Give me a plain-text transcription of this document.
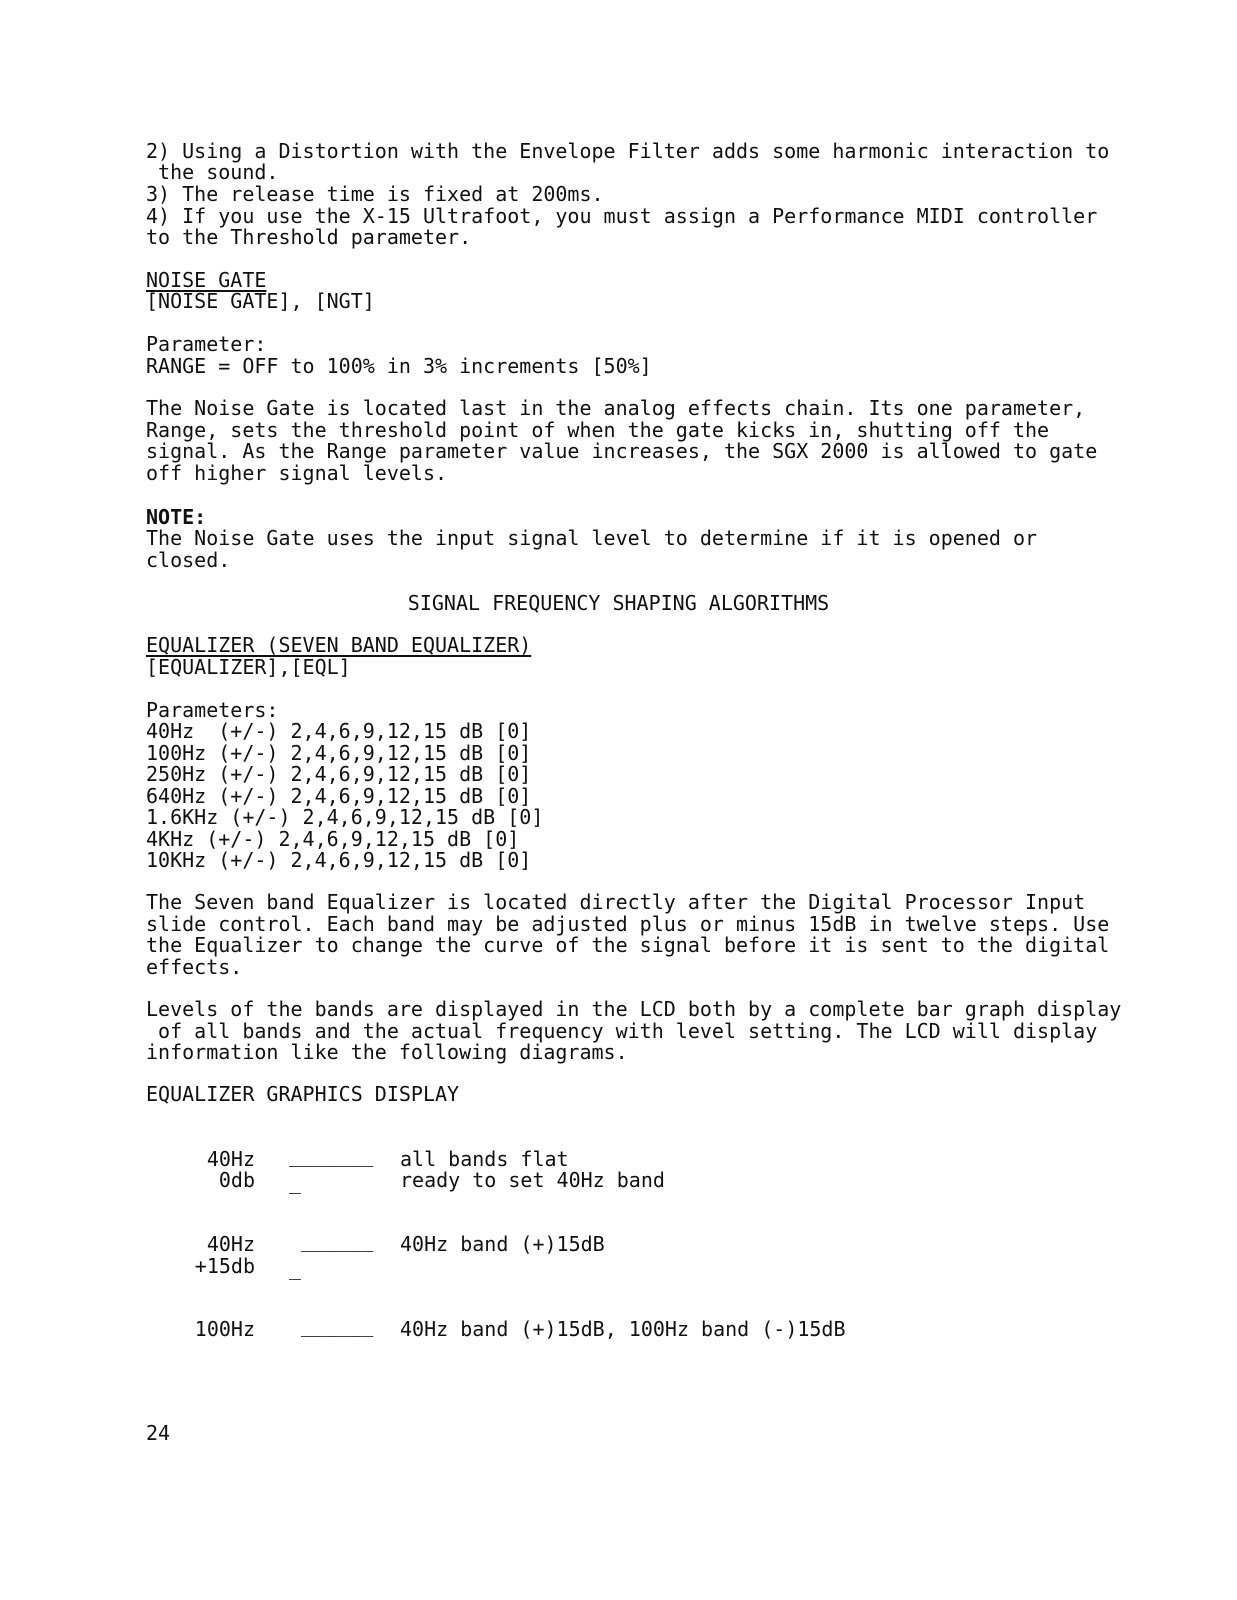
2) Using a Distortion with the Envelope Filter adds some harmonic interaction to
the sound.
3) The release time is fixed at 200ms.
4) If you use the X-15 Ultrafoot, you must assign a Performance MIDI controller
to the Threshold parameter.
NOISE GATE
[NOISE GATE], [NGT]
Parameter:
RANGE = OFF to 100% in 3% increments [50%]
The Noise Gate is located last in the analog effects chain. Its one parameter,
Range, sets the threshold point of when the gate kicks in, shutting off the
signal. As the Range parameter value increases, the SGX 2000 is allowed to gate
off higher signal levels.
NOTE:
The Noise Gate uses the input signal level to determine if it is opened or
closed.
SIGNAL FREQUENCY SHAPING ALGORITHMS
EQUALIZER (SEVEN BAND EQUALIZER)
[EQUALIZER],[EQL]
Parameters:
40Hz  (+/-) 2,4,6,9,12,15 dB [0]
100Hz (+/-) 2,4,6,9,12,15 dB [0]
250Hz (+/-) 2,4,6,9,12,15 dB [0]
640Hz (+/-) 2,4,6,9,12,15 dB [0]
1.6KHz (+/-) 2,4,6,9,12,15 dB [0]
4KHz (+/-) 2,4,6,9,12,15 dB [0]
10KHz (+/-) 2,4,6,9,12,15 dB [0]
The Seven band Equalizer is located directly after the Digital Processor Input
slide control. Each band may be adjusted plus or minus 15dB in twelve steps. Use
the Equalizer to change the curve of the signal before it is sent to the digital
effects.
Levels of the bands are displayed in the LCD both by a complete bar graph display
of all bands and the actual frequency with level setting. The LCD will display
information like the following diagrams.
EQUALIZER GRAPHICS DISPLAY
40Hz
0db
_______
_
all bands flat
ready to set 40Hz band
40Hz
+15db
______
_
40Hz band (+)15dB
100Hz ______ 40Hz band (+)15dB, 100Hz band (-)15dB
24
